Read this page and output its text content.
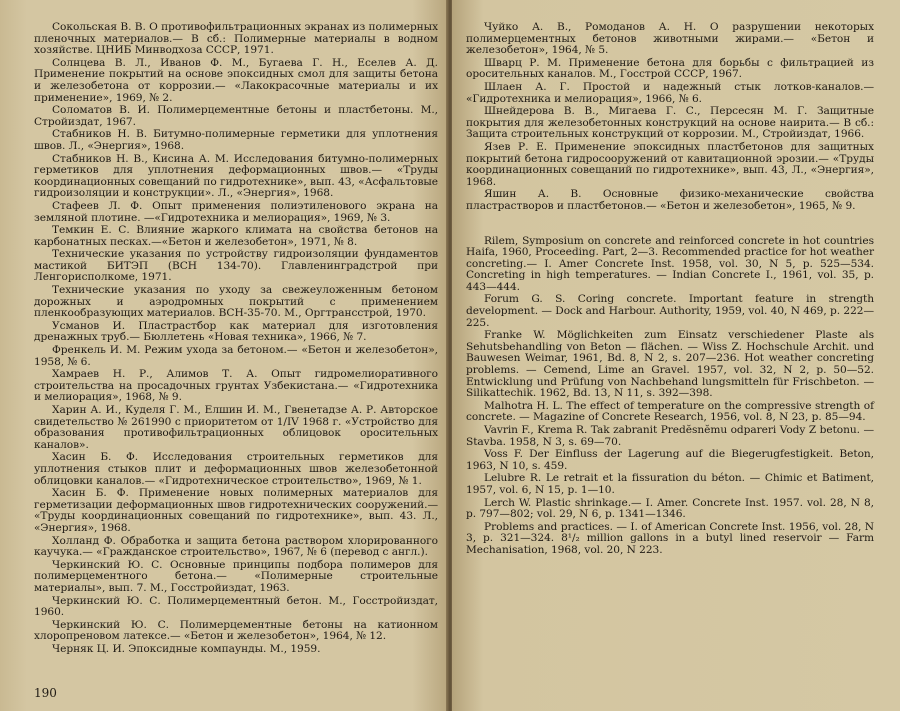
Сокольская В. В. О противофильтрационных экранах из полимерных пленочных материалов.— В сб.: Полимерные материалы в водном хозяйстве. ЦНИБ Минводхоза СССР, 1971.

Солнцева В. Л., Иванов Ф. М., Бугаева Г. Н., Еселев А. Д. Применение покрытий на основе эпоксидных смол для защиты бетона и железобетона от коррозии.— «Лакокрасочные материалы и их применение», 1969, № 2.

Соломатов В. И. Полимерцементные бетоны и пластбетоны. М., Стройиздат, 1967.

Стабников Н. В. Битумно-полимерные герметики для уплотнения швов. Л., «Энергия», 1968.

Стабников Н. В., Кисина А. М. Исследования битумно-полимерных герметиков для уплотнения деформационных швов.— «Труды координационных совещаний по гидротехнике», вып. 43, «Асфальтовые гидроизоляции и конструкции». Л., «Энергия», 1968.

Стафеев Л. Ф. Опыт применения полиэтиленового экрана на земляной плотине. —«Гидротехника и мелиорация», 1969, № 3.

Темкин Е. С. Влияние жаркого климата на свойства бетонов на карбонатных песках.—«Бетон и железобетон», 1971, № 8.

Технические указания по устройству гидроизоляции фундаментов мастикой БИТЭП (ВСН 134-70). Главленинградстрой при Ленгорисполкоме, 1971.

Технические указания по уходу за свежеуложенным бетоном дорожных и аэродромных покрытий с применением пленкообразующих материалов. ВСН-35-70. М., Оргтрансстрой, 1970.

Усманов И. Пластрастбор как материал для изготовления дренажных труб.— Бюллетень «Новая техника», 1966, № 7.

Френкель И. М. Режим ухода за бетоном.— «Бетон и железобетон», 1958, № 6.

Хамраев Н. Р., Алимов Т. А. Опыт гидромелиоративного строительства на просадочных грунтах Узбекистана.— «Гидротехника и мелиорация», 1968, № 9.

Харин А. И., Куделя Г. М., Елшин И. М., Гвенетадзе А. Р. Авторское свидетельство № 261990 с приоритетом от 1/IV 1968 г. «Устройство для образования противофильтрационных облицовок оросительных каналов».

Хасин Б. Ф. Исследования строительных герметиков для уплотнения стыков плит и деформационных швов железобетонной облицовки каналов.— «Гидротехническое строительство», 1969, № 1.

Хасин Б. Ф. Применение новых полимерных материалов для герметизации деформационных швов гидротехнических сооружений.— «Труды координационных совещаний по гидротехнике», вып. 43. Л., «Энергия», 1968.

Холланд Ф. Обработка и защита бетона раствором хлорированного каучука.— «Гражданское строительство», 1967, № 6 (перевод с англ.).

Черкинский Ю. С. Основные принципы подбора полимеров для полимерцементного бетона.— «Полимерные строительные материалы», вып. 7. М., Госстройиздат, 1963.

Черкинский Ю. С. Полимерцементный бетон. М., Госстройиздат, 1960.

Черкинский Ю. С. Полимерцементные бетоны на катионном хлоропреновом латексе.— «Бетон и железобетон», 1964, № 12.

Черняк Ц. И. Эпоксидные компаунды. М., 1959.

190

Чуйко А. В., Ромоданов А. Н. О разрушении некоторых полимерцементных бетонов животными жирами.— «Бетон и железобетон», 1964, № 5.

Шварц Р. М. Применение бетона для борьбы с фильтрацией из оросительных каналов. М., Госстрой СССР, 1967.

Шлаен А. Г. Простой и надежный стык лотков-каналов.— «Гидротехника и мелиорация», 1966, № 6.

Шнейдерова В. В., Мигаева Г. С., Персесян М. Г. Защитные покрытия для железобетонных конструкций на основе наирита.— В сб.: Защита строительных конструкций от коррозии. М., Стройиздат, 1966.

Язев Р. Е. Применение эпоксидных пластбетонов для защитных покрытий бетона гидросооружений от кавитационной эрозии.— «Труды координационных совещаний по гидротехнике», вып. 43, Л., «Энергия», 1968.

Яшин А. В. Основные физико-механические свойства пластрастворов и пластбетонов.— «Бетон и железобетон», 1965, № 9.

Rilem, Symposium on concrete and reinforced concrete in hot countries Haifa, 1960, Proceeding. Part, 2—3. Recommended practice for hot weather concreting.— I. Amer Concrete Inst. 1958, vol. 30, N 5, p. 525—534. Concreting in high temperatures. — Indian Concrete I., 1961, vol. 35, p. 443—444.

Forum G. S. Coring concrete. Important feature in strength development. — Dock and Harbour. Authority, 1959, vol. 40, N 469, p. 222—225.

Franke W. Möglichkeiten zum Einsatz verschiedener Plaste als Sehutsbehandling von Beton — flächen. — Wiss Z. Hochschule Archit. und Bauwesen Weimar, 1961, Bd. 8, N 2, s. 207—236. Hot weather concreting problems. — Cemend, Lime an Gravel. 1957, vol. 32, N 2, p. 50—52. Entwicklung und Prüfung von Nachbehand lungsmitteln für Frischbeton. — Silikattechik. 1962, Bd. 13, N 11, s. 392—398.

Malhotra H. L. The effect of temperature on the compressive strength of concrete. — Magazine of Concrete Research, 1956, vol. 8, N 23, p. 85—94.

Vavrin F., Krema R. Tak zabranit Predĕsnĕmu odpareri Vody Z betonu. — Stavba. 1958, N 3, s. 69—70.

Voss F. Der Einfluss der Lagerung auf die Biegerugfestigkeit. Beton, 1963, N 10, s. 459.

Lelubre R. Le retrait et la fissuration du béton. — Chimic et Batiment, 1957, vol. 6, N 15, p. 1—10.

Lerch W. Plastic shrinkage.— I. Amer. Concrete Inst. 1957. vol. 28, N 8, p. 797—802; vol. 29, N 6, p. 1341—1346.

Problems and practices. — I. of American Concrete Inst. 1956, vol. 28, N 3, p. 321—324. 8¹/₂ million gallons in a butyl lined reservoir — Farm Mechanisation, 1968, vol. 20, N 223.
